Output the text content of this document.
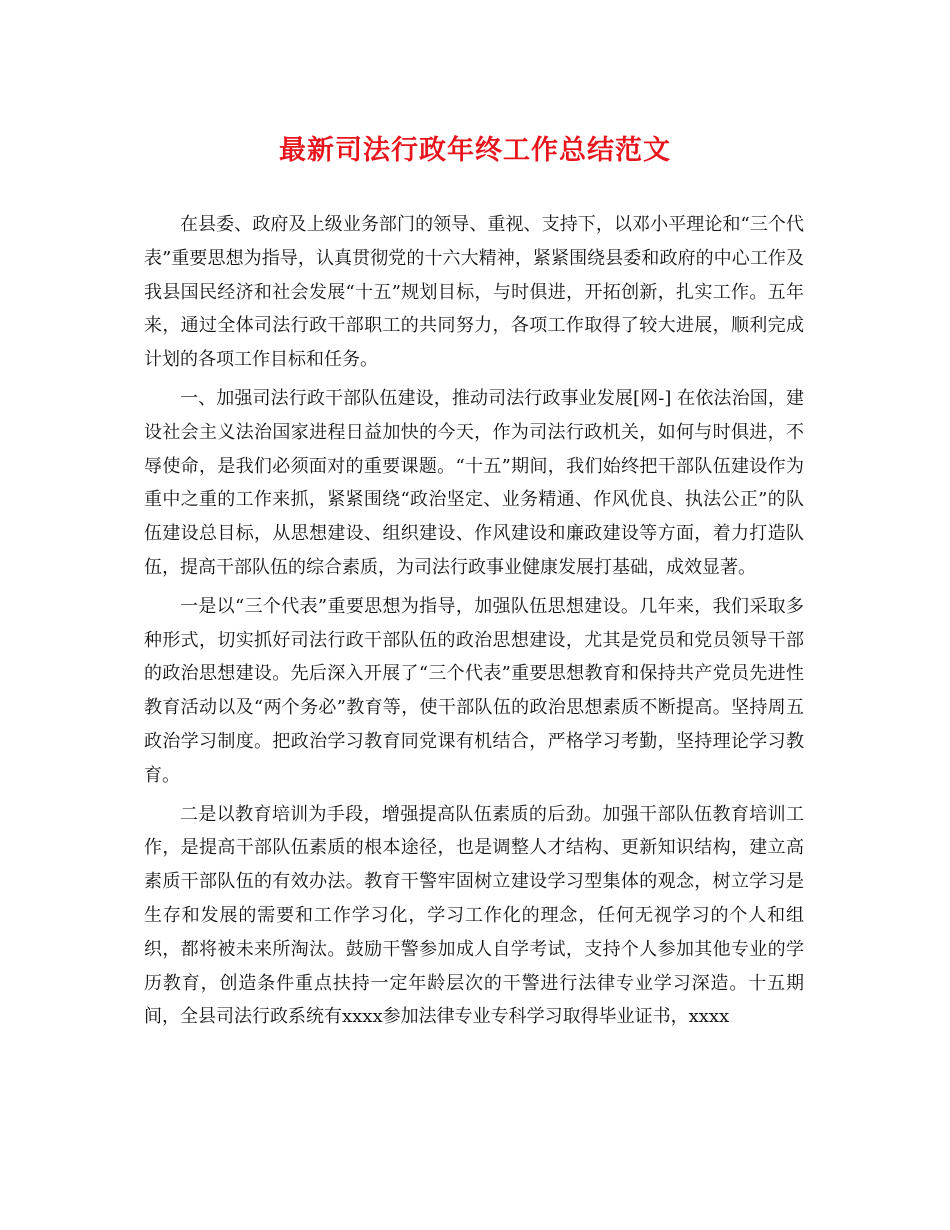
最新司法行政年终工作总结范文

在县委、政府及上级业务部门的领导、重视、支持下，以邓小平理论和“三个代表”重要思想为指导，认真贯彻党的十六大精神，紧紧围绕县委和政府的中心工作及我县国民经济和社会发展“十五”规划目标，与时俱进，开拓创新，扎实工作。五年来，通过全体司法行政干部职工的共同努力，各项工作取得了较大进展，顺利完成计划的各项工作目标和任务。

一、加强司法行政干部队伍建设，推动司法行政事业发展[网-] 在依法治国，建设社会主义法治国家进程日益加快的今天，作为司法行政机关，如何与时俱进，不辱使命，是我们必须面对的重要课题。“十五”期间，我们始终把干部队伍建设作为重中之重的工作来抓，紧紧围绕“政治坚定、业务精通、作风优良、执法公正”的队伍建设总目标，从思想建设、组织建设、作风建设和廉政建设等方面，着力打造队伍，提高干部队伍的综合素质，为司法行政事业健康发展打基础，成效显著。

一是以“三个代表”重要思想为指导，加强队伍思想建设。几年来，我们采取多种形式，切实抓好司法行政干部队伍的政治思想建设，尤其是党员和党员领导干部的政治思想建设。先后深入开展了“三个代表”重要思想教育和保持共产党员先进性教育活动以及“两个务必”教育等，使干部队伍的政治思想素质不断提高。坚持周五政治学习制度。把政治学习教育同党课有机结合，严格学习考勤，坚持理论学习教育。

二是以教育培训为手段，增强提高队伍素质的后劲。加强干部队伍教育培训工作，是提高干部队伍素质的根本途径，也是调整人才结构、更新知识结构，建立高素质干部队伍的有效办法。教育干警牢固树立建设学习型集体的观念，树立学习是生存和发展的需要和工作学习化，学习工作化的理念，任何无视学习的个人和组织，都将被未来所淘汰。鼓励干警参加成人自学考试，支持个人参加其他专业的学历教育，创造条件重点扶持一定年龄层次的干警进行法律专业学习深造。十五期间，全县司法行政系统有xxxx参加法律专业专科学习取得毕业证书，xxxx
